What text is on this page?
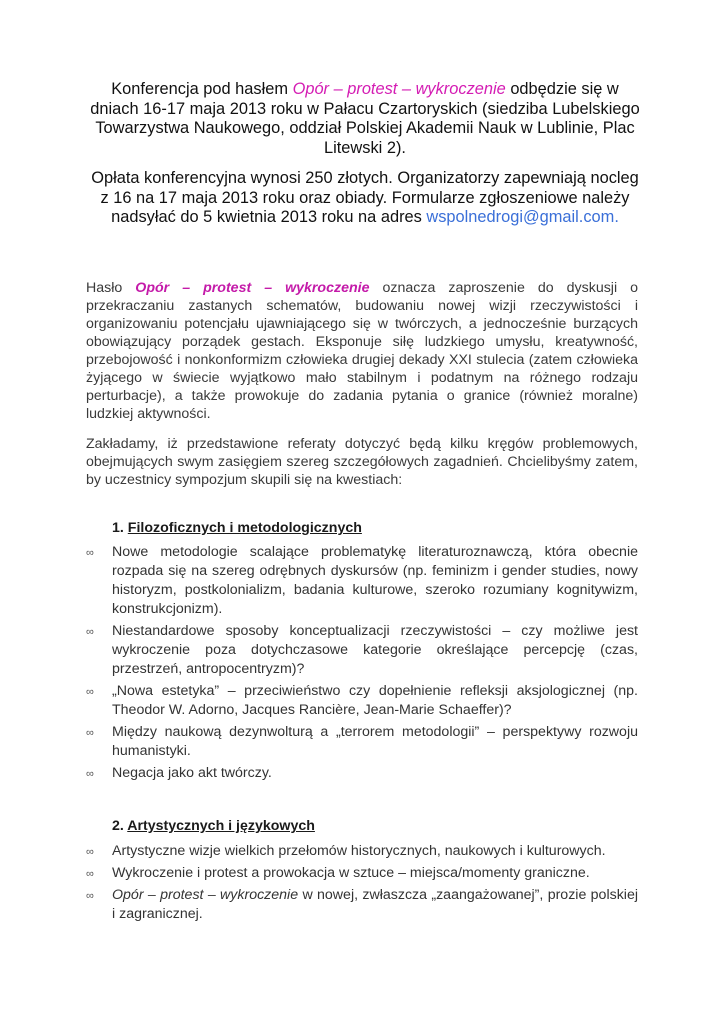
Konferencja pod hasłem Opór – protest – wykroczenie odbędzie się w dniach 16-17 maja 2013 roku w Pałacu Czartoryskich (siedziba Lubelskiego Towarzystwa Naukowego, oddział Polskiej Akademii Nauk w Lublinie, Plac Litewski 2).
Opłata konferencyjna wynosi 250 złotych. Organizatorzy zapewniają nocleg z 16 na 17 maja 2013 roku oraz obiady. Formularze zgłoszeniowe należy nadsyłać do 5 kwietnia 2013 roku na adres wspolnedrogi@gmail.com.
Hasło Opór – protest – wykroczenie oznacza zaproszenie do dyskusji o przekraczaniu zastanych schematów, budowaniu nowej wizji rzeczywistości i organizowaniu potencjału ujawniającego się w twórczych, a jednocześnie burzących obowiązujący porządek gestach. Eksponuje siłę ludzkiego umysłu, kreatywność, przebojowość i nonkonformizm człowieka drugiej dekady XXI stulecia (zatem człowieka żyjącego w świecie wyjątkowo mało stabilnym i podatnym na różnego rodzaju perturbacje), a także prowokuje do zadania pytania o granice (również moralne) ludzkiej aktywności.
Zakładamy, iż przedstawione referaty dotyczyć będą kilku kręgów problemowych, obejmujących swym zasięgiem szereg szczegółowych zagadnień. Chcielibyśmy zatem, by uczestnicy sympozjum skupili się na kwestiach:
1. Filozoficznych i metodologicznych
∞ Nowe metodologie scalające problematykę literaturoznawczą, która obecnie rozpada się na szereg odrębnych dyskursów (np. feminizm i gender studies, nowy historyzm, postkolonializm, badania kulturowe, szeroko rozumiany kognitywizm, konstrukcjonizm).
∞ Niestandardowe sposoby konceptualizacji rzeczywistości – czy możliwe jest wykroczenie poza dotychczasowe kategorie określające percepcję (czas, przestrzeń, antropocentryzm)?
∞ „Nowa estetyka” – przeciwieństwo czy dopełnienie refleksji aksjologicznej (np. Theodor W. Adorno, Jacques Rancière, Jean-Marie Schaeffer)?
∞ Między naukową dezynwolturą a „terrorem metodologii” – perspektywy rozwoju humanistyki.
∞ Negacja jako akt twórczy.
2. Artystycznych i językowych
∞ Artystyczne wizje wielkich przełomów historycznych, naukowych i kulturowych.
∞ Wykroczenie i protest a prowokacja w sztuce – miejsca/momenty graniczne.
∞ Opór – protest – wykroczenie w nowej, zwłaszcza „zaangażowanej”, prozie polskiej i zagranicznej.
